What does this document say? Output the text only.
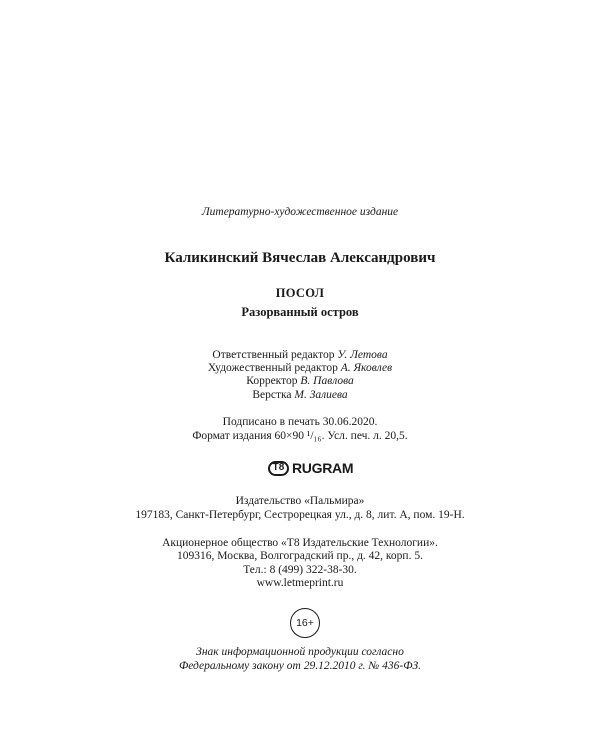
Литературно-художественное издание
Каликинский Вячеслав Александрович
ПОСОЛ
Разорванный остров
Ответственный редактор У. Летова
Художественный редактор А. Яковлев
Корректор В. Павлова
Верстка М. Залиева
Подписано в печать 30.06.2020.
Формат издания 60×90 ¹/₁₆. Усл. печ. л. 20,5.
T8 RUGRAM
Издательство «Пальмира»
197183, Санкт-Петербург, Сестрорецкая ул., д. 8, лит. А, пом. 19-Н.
Акционерное общество «Т8 Издательские Технологии».
109316, Москва, Волгоградский пр., д. 42, корп. 5.
Тел.: 8 (499) 322-38-30.
www.letmeprint.ru
16+
Знак информационной продукции согласно
Федеральному закону от 29.12.2010 г. № 436-ФЗ.
